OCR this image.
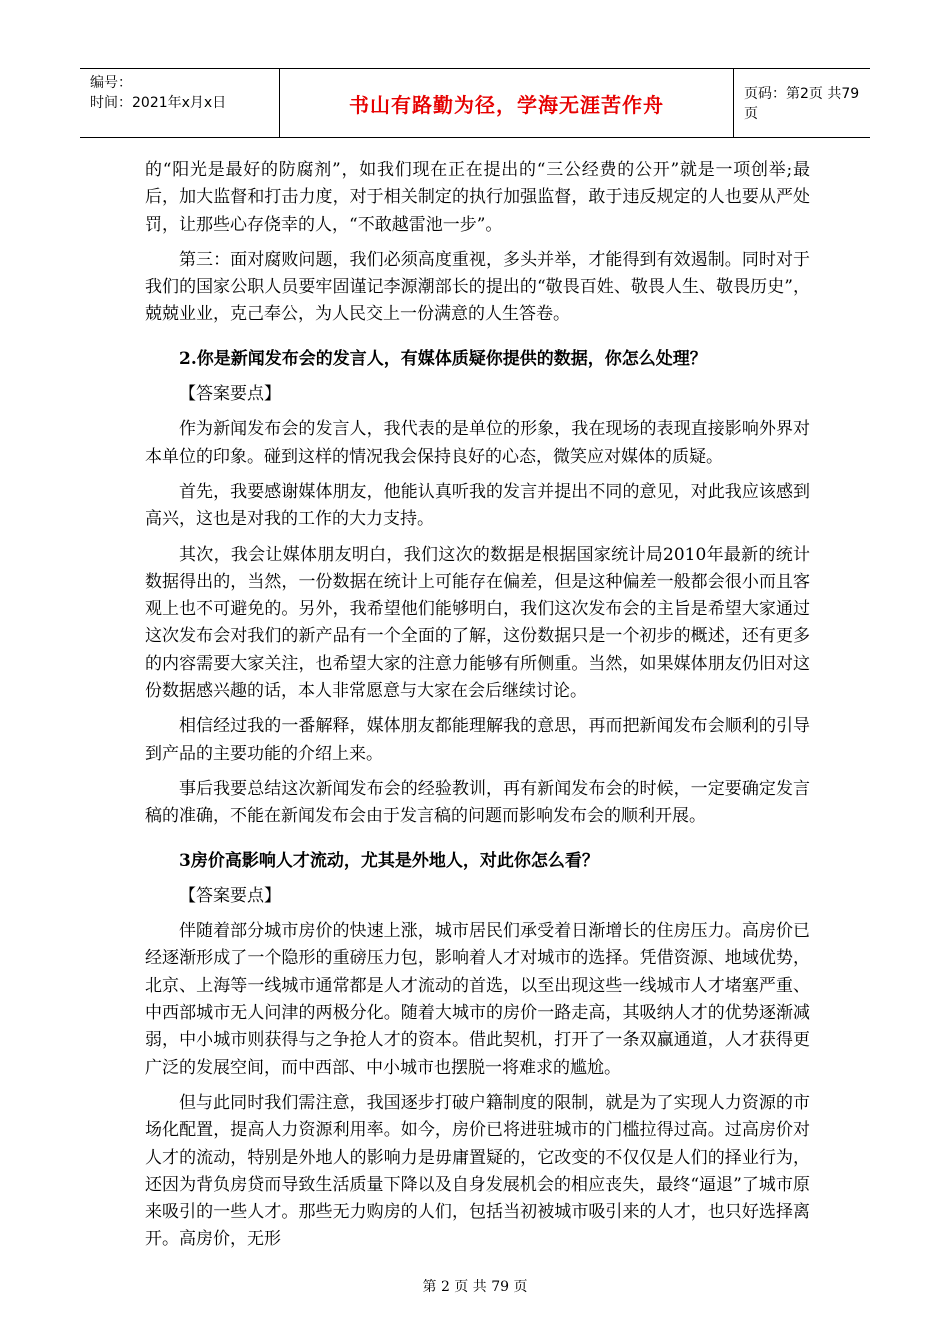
编号：
时间：2021年x月x日	书山有路勤为径，学海无涯苦作舟	页码：第2页 共79页

的“阳光是最好的防腐剂”，如我们现在正在提出的“三公经费的公开”就是一项创举;最后，加大监督和打击力度，对于相关制定的执行加强监督，敢于违反规定的人也要从严处罚，让那些心存侥幸的人，“不敢越雷池一步”。

第三：面对腐败问题，我们必须高度重视，多头并举，才能得到有效遏制。同时对于我们的国家公职人员要牢固谨记李源潮部长的提出的“敬畏百姓、敬畏人生、敬畏历史”，兢兢业业，克己奉公，为人民交上一份满意的人生答卷。

2.你是新闻发布会的发言人，有媒体质疑你提供的数据，你怎么处理？

【答案要点】

作为新闻发布会的发言人，我代表的是单位的形象，我在现场的表现直接影响外界对本单位的印象。碰到这样的情况我会保持良好的心态，微笑应对媒体的质疑。

首先，我要感谢媒体朋友，他能认真听我的发言并提出不同的意见，对此我应该感到高兴，这也是对我的工作的大力支持。

其次，我会让媒体朋友明白，我们这次的数据是根据国家统计局2010年最新的统计数据得出的，当然，一份数据在统计上可能存在偏差，但是这种偏差一般都会很小而且客观上也不可避免的。另外，我希望他们能够明白，我们这次发布会的主旨是希望大家通过这次发布会对我们的新产品有一个全面的了解，这份数据只是一个初步的概述，还有更多的内容需要大家关注，也希望大家的注意力能够有所侧重。当然，如果媒体朋友仍旧对这份数据感兴趣的话，本人非常愿意与大家在会后继续讨论。

相信经过我的一番解释，媒体朋友都能理解我的意思，再而把新闻发布会顺利的引导到产品的主要功能的介绍上来。

事后我要总结这次新闻发布会的经验教训，再有新闻发布会的时候，一定要确定发言稿的准确，不能在新闻发布会由于发言稿的问题而影响发布会的顺利开展。

3房价高影响人才流动，尤其是外地人，对此你怎么看？

【答案要点】

伴随着部分城市房价的快速上涨，城市居民们承受着日渐增长的住房压力。高房价已经逐渐形成了一个隐形的重磅压力包，影响着人才对城市的选择。凭借资源、地域优势，北京、上海等一线城市通常都是人才流动的首选，以至出现这些一线城市人才堵塞严重、中西部城市无人问津的两极分化。随着大城市的房价一路走高，其吸纳人才的优势逐渐减弱，中小城市则获得与之争抢人才的资本。借此契机，打开了一条双赢通道，人才获得更广泛的发展空间，而中西部、中小城市也摆脱一将难求的尴尬。

但与此同时我们需注意，我国逐步打破户籍制度的限制，就是为了实现人力资源的市场化配置，提高人力资源利用率。如今，房价已将进驻城市的门槛拉得过高。过高房价对人才的流动，特别是外地人的影响力是毋庸置疑的，它改变的不仅仅是人们的择业行为，还因为背负房贷而导致生活质量下降以及自身发展机会的相应丧失，最终“逼退”了城市原来吸引的一些人才。那些无力购房的人们，包括当初被城市吸引来的人才，也只好选择离开。高房价，无形

第 2 页 共 79 页
